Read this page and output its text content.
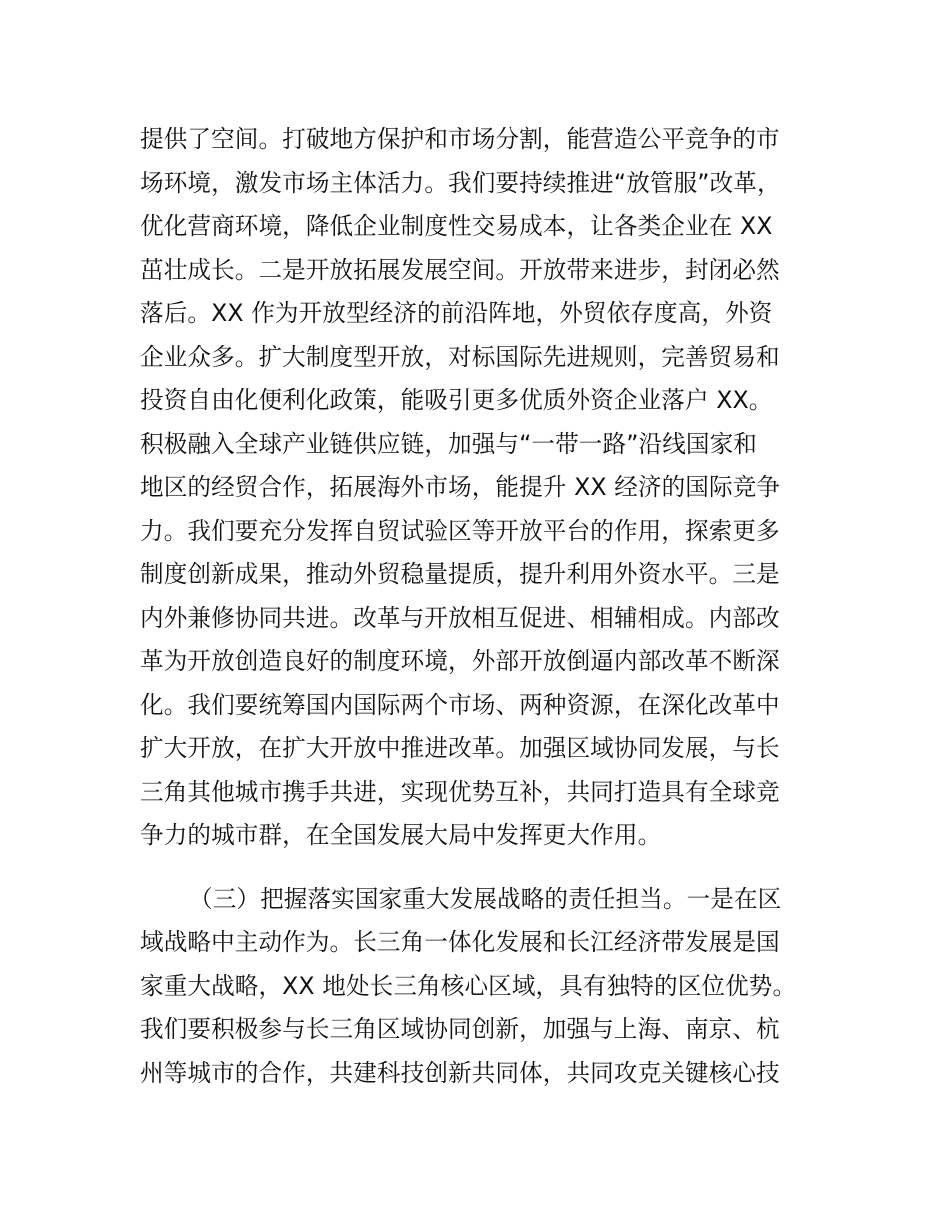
提供了空间。打破地方保护和市场分割，能营造公平竞争的市
场环境，激发市场主体活力。我们要持续推进“放管服”改革，
优化营商环境，降低企业制度性交易成本，让各类企业在 XX
茁壮成长。二是开放拓展发展空间。开放带来进步，封闭必然
落后。XX 作为开放型经济的前沿阵地，外贸依存度高，外资
企业众多。扩大制度型开放，对标国际先进规则，完善贸易和
投资自由化便利化政策，能吸引更多优质外资企业落户 XX。
积极融入全球产业链供应链，加强与“一带一路”沿线国家和
地区的经贸合作，拓展海外市场，能提升 XX 经济的国际竞争
力。我们要充分发挥自贸试验区等开放平台的作用，探索更多
制度创新成果，推动外贸稳量提质，提升利用外资水平。三是
内外兼修协同共进。改革与开放相互促进、相辅相成。内部改
革为开放创造良好的制度环境，外部开放倒逼内部改革不断深
化。我们要统筹国内国际两个市场、两种资源，在深化改革中
扩大开放，在扩大开放中推进改革。加强区域协同发展，与长
三角其他城市携手共进，实现优势互补，共同打造具有全球竞
争力的城市群，在全国发展大局中发挥更大作用。
（三）把握落实国家重大发展战略的责任担当。一是在区
域战略中主动作为。长三角一体化发展和长江经济带发展是国
家重大战略，XX 地处长三角核心区域，具有独特的区位优势。
我们要积极参与长三角区域协同创新，加强与上海、南京、杭
州等城市的合作，共建科技创新共同体，共同攻克关键核心技
